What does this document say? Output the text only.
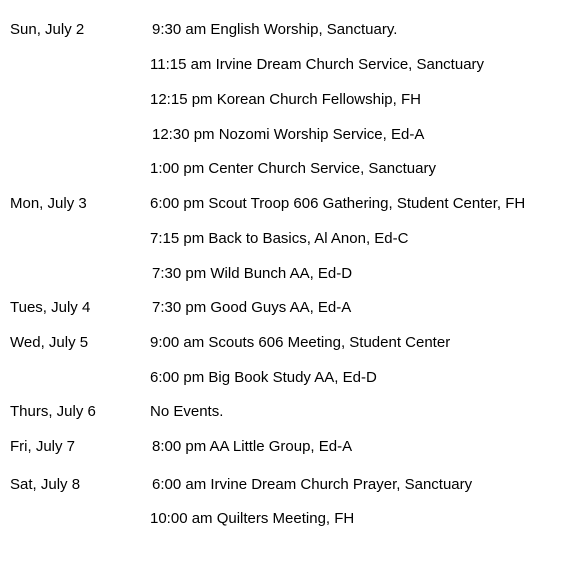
Sun, July 2	9:30 am English Worship, Sanctuary.
11:15 am Irvine Dream Church Service, Sanctuary
12:15 pm Korean Church Fellowship, FH
12:30 pm Nozomi Worship Service, Ed-A
1:00 pm Center Church Service, Sanctuary
Mon, July 3	6:00 pm Scout Troop 606 Gathering, Student Center, FH
7:15 pm Back to Basics, Al Anon, Ed-C
7:30 pm Wild Bunch AA, Ed-D
Tues, July 4	7:30 pm Good Guys AA, Ed-A
Wed, July 5	9:00 am Scouts 606 Meeting, Student Center
6:00 pm Big Book Study AA, Ed-D
Thurs, July 6	No Events.
Fri, July 7	8:00 pm AA Little Group, Ed-A
Sat, July 8	6:00 am Irvine Dream Church Prayer, Sanctuary
10:00 am Quilters Meeting, FH
